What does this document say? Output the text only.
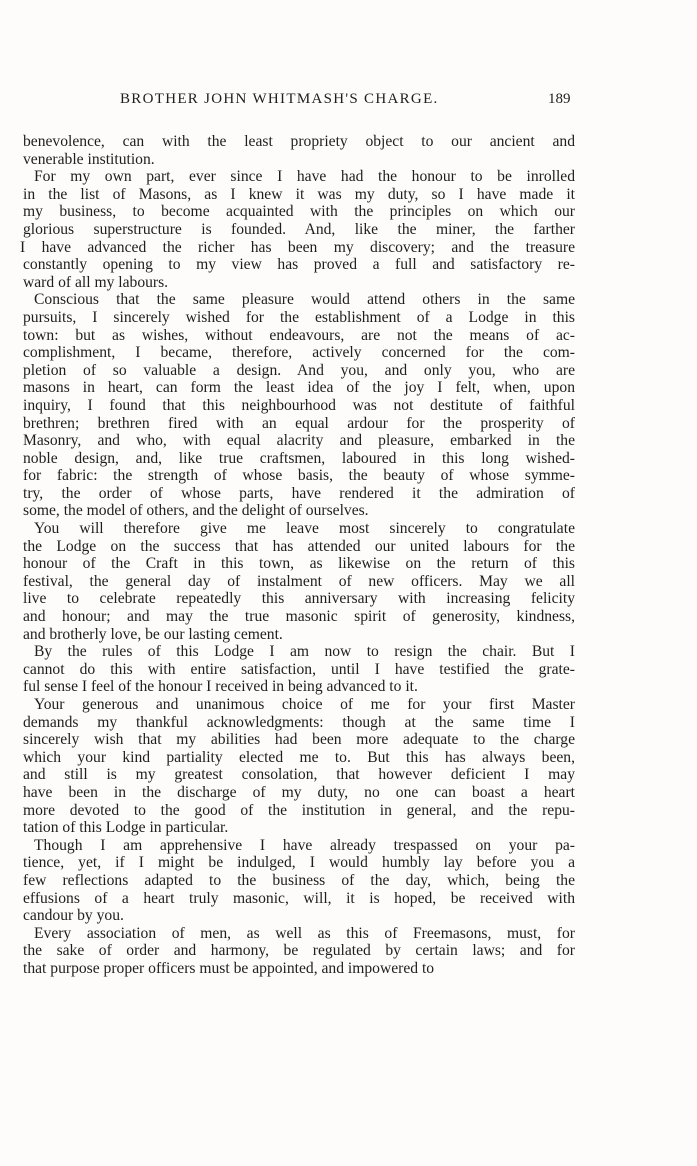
BROTHER JOHN WHITMASH'S CHARGE.	189
benevolence, can with the least propriety object to our ancient and
venerable institution.
For my own part, ever since I have had the honour to be inrolled
in the list of Masons, as I knew it was my duty, so I have made it
my business, to become acquainted with the principles on which our
glorious superstructure is founded. And, like the miner, the farther
I have advanced the richer has been my discovery; and the treasure
constantly opening to my view has proved a full and satisfactory re-
ward of all my labours.
Conscious that the same pleasure would attend others in the same
pursuits, I sincerely wished for the establishment of a Lodge in this
town: but as wishes, without endeavours, are not the means of ac-
complishment, I became, therefore, actively concerned for the com-
pletion of so valuable a design. And you, and only you, who are
masons in heart, can form the least idea of the joy I felt, when, upon
inquiry, I found that this neighbourhood was not destitute of faithful
brethren; brethren fired with an equal ardour for the prosperity of
Masonry, and who, with equal alacrity and pleasure, embarked in the
noble design, and, like true craftsmen, laboured in this long wished-
for fabric: the strength of whose basis, the beauty of whose symme-
try, the order of whose parts, have rendered it the admiration of
some, the model of others, and the delight of ourselves.
You will therefore give me leave most sincerely to congratulate
the Lodge on the success that has attended our united labours for the
honour of the Craft in this town, as likewise on the return of this
festival, the general day of instalment of new officers. May we all
live to celebrate repeatedly this anniversary with increasing felicity
and honour; and may the true masonic spirit of generosity, kindness,
and brotherly love, be our lasting cement.
By the rules of this Lodge I am now to resign the chair. But I
cannot do this with entire satisfaction, until I have testified the grate-
ful sense I feel of the honour I received in being advanced to it.
Your generous and unanimous choice of me for your first Master
demands my thankful acknowledgments: though at the same time I
sincerely wish that my abilities had been more adequate to the charge
which your kind partiality elected me to. But this has always been,
and still is my greatest consolation, that however deficient I may
have been in the discharge of my duty, no one can boast a heart
more devoted to the good of the institution in general, and the repu-
tation of this Lodge in particular.
Though I am apprehensive I have already trespassed on your pa-
tience, yet, if I might be indulged, I would humbly lay before you a
few reflections adapted to the business of the day, which, being the
effusions of a heart truly masonic, will, it is hoped, be received with
candour by you.
Every association of men, as well as this of Freemasons, must, for
the sake of order and harmony, be regulated by certain laws; and for
that purpose proper officers must be appointed, and impowered to
